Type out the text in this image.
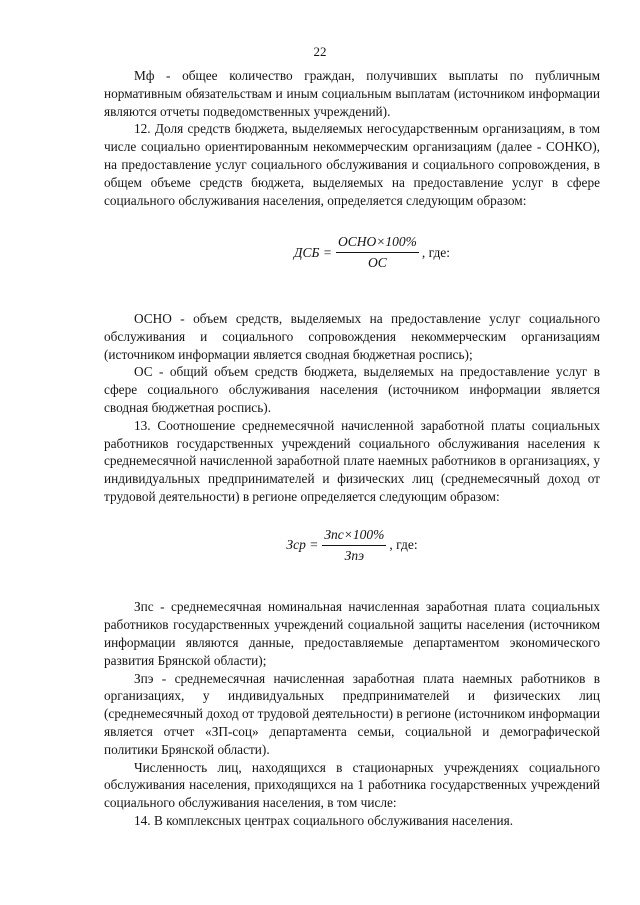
22

Мф - общее количество граждан, получивших выплаты по публичным нормативным обязательствам и иным социальным выплатам (источником информации являются отчеты подведомственных учреждений).

12. Доля средств бюджета, выделяемых негосударственным организациям, в том числе социально ориентированным некоммерческим организациям (далее - СОНКО), на предоставление услуг социального обслуживания и социального сопровождения, в общем объеме средств бюджета, выделяемых на предоставление услуг в сфере социального обслуживания населения, определяется следующим образом:

ДСБ = $\frac{\text{ОСНО×100\%}}{ОС}$ , где:

ОСНО - объем средств, выделяемых на предоставление услуг социального обслуживания и социального сопровождения некоммерческим организациям (источником информации является сводная бюджетная роспись);

ОС - общий объем средств бюджета, выделяемых на предоставление услуг в сфере социального обслуживания населения (источником информации является сводная бюджетная роспись).

13. Соотношение среднемесячной начисленной заработной платы социальных работников государственных учреждений социального обслуживания населения к среднемесячной начисленной заработной плате наемных работников в организациях, у индивидуальных предпринимателей и физических лиц (среднемесячный доход от трудовой деятельности) в регионе определяется следующим образом:

Зср = $\frac{\text{Зпс×100\%}}{\text{Зпэ}}$ , где:

Зпс - среднемесячная номинальная начисленная заработная плата социальных работников государственных учреждений социальной защиты населения (источником информации являются данные, предоставляемые департаментом экономического развития Брянской области);

Зпэ - среднемесячная начисленная заработная плата наемных работников в организациях, у индивидуальных предпринимателей и физических лиц (среднемесячный доход от трудовой деятельности) в регионе (источником информации является отчет «ЗП-соц» департамента семьи, социальной и демографической политики Брянской области).

Численность лиц, находящихся в стационарных учреждениях социального обслуживания населения, приходящихся на 1 работника государственных учреждений социального обслуживания населения, в том числе:

14. В комплексных центрах социального обслуживания населения.
